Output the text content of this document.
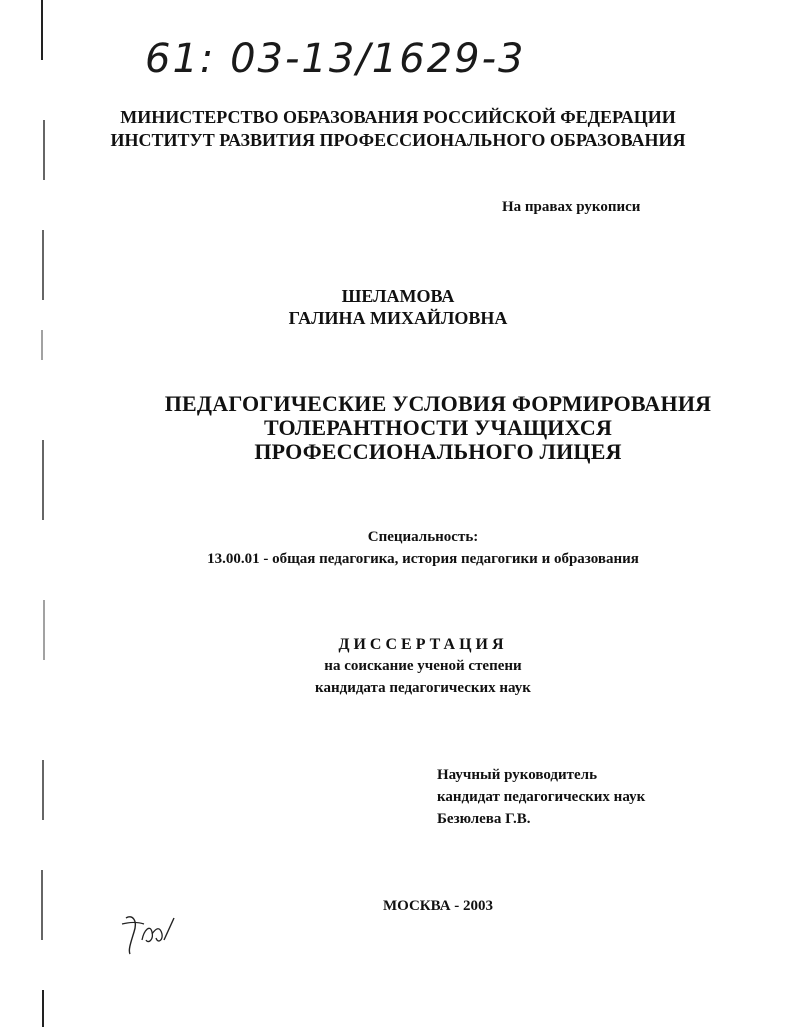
61: 03-13/1629-3
МИНИСТЕРСТВО ОБРАЗОВАНИЯ РОССИЙСКОЙ ФЕДЕРАЦИИ
ИНСТИТУТ РАЗВИТИЯ ПРОФЕССИОНАЛЬНОГО ОБРАЗОВАНИЯ
На правах рукописи
ШЕЛАМОВА
ГАЛИНА МИХАЙЛОВНА
ПЕДАГОГИЧЕСКИЕ УСЛОВИЯ ФОРМИРОВАНИЯ
ТОЛЕРАНТНОСТИ УЧАЩИХСЯ
ПРОФЕССИОНАЛЬНОГО ЛИЦЕЯ
Специальность:
13.00.01 - общая педагогика, история педагогики и образования
ДИССЕРТАЦИЯ
на соискание ученой степени
кандидата педагогических наук
Научный руководитель
кандидат педагогических наук
Безюлева Г.В.
МОСКВА - 2003
